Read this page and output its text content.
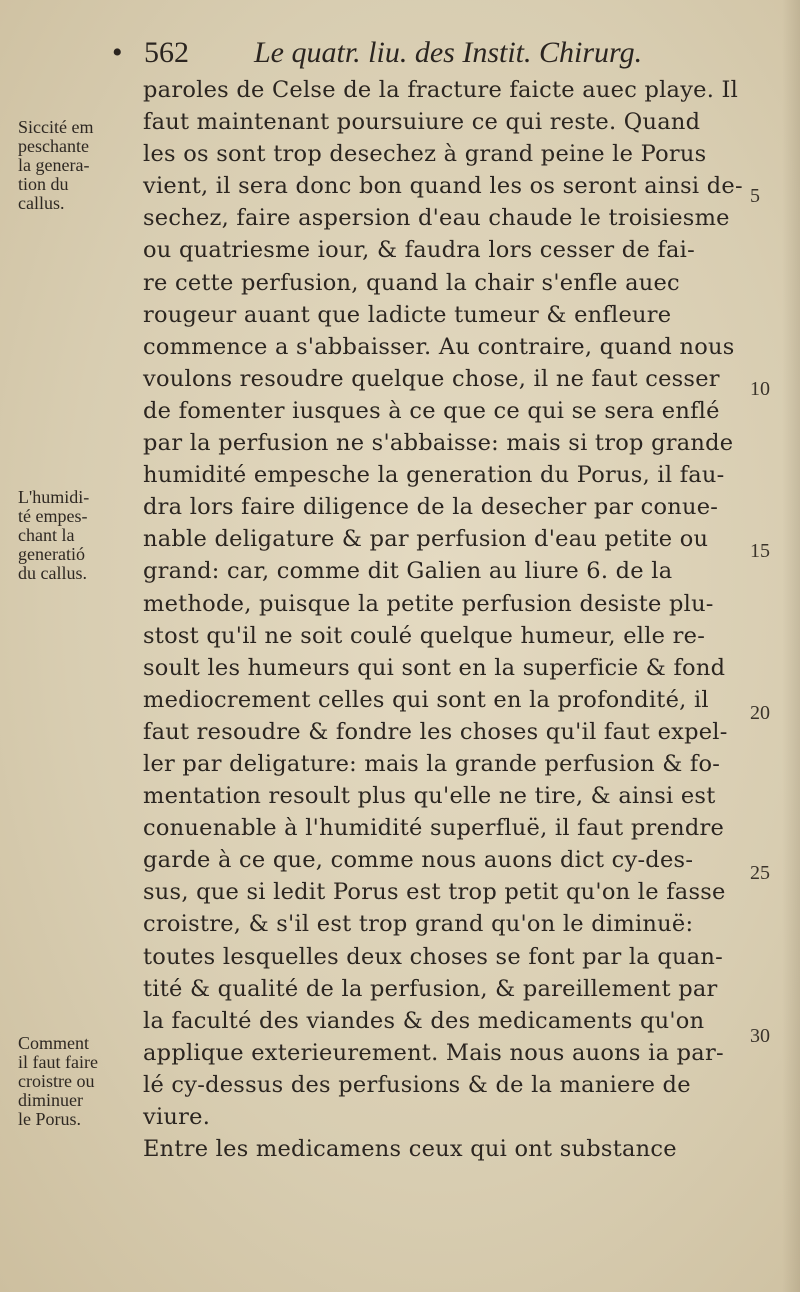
• 562 Le quatr. liu. des Instit. Chirurg.
paroles de Celse de la fracture faicte auec playe. Il
faut maintenant poursuiure ce qui reste. Quand
les os sont trop desechez à grand peine le Porus
vient, il sera donc bon quand les os seront ainsi de-
sechez, faire aspersion d'eau chaude le troisiesme
ou quatriesme iour, & faudra lors cesser de fai-
re cette perfusion, quand la chair s'enfle auec
rougeur auant que ladicte tumeur & enfleure
commence a s'abbaisser. Au contraire, quand nous
voulons resoudre quelque chose, il ne faut cesser
de fomenter iusques à ce que ce qui se sera enflé
par la perfusion ne s'abbaisse: mais si trop grande
humidité empesche la generation du Porus, il fau-
dra lors faire diligence de la desecher par conue-
nable deligature & par perfusion d'eau petite ou
grand: car, comme dit Galien au liure 6. de la
methode, puisque la petite perfusion desiste plu-
stost qu'il ne soit coulé quelque humeur, elle re-
soult les humeurs qui sont en la superficie & fond
mediocrement celles qui sont en la profondité, il
faut resoudre & fondre les choses qu'il faut expel-
ler par deligature: mais la grande perfusion & fo-
mentation resoult plus qu'elle ne tire, & ainsi est
conuenable à l'humidité superfluë, il faut prendre
garde à ce que, comme nous auons dict cy-des-
sus, que si ledit Porus est trop petit qu'on le fasse
croistre, & s'il est trop grand qu'on le diminuë:
toutes lesquelles deux choses se font par la quan-
tité & qualité de la perfusion, & pareillement par
la faculté des viandes & des medicaments qu'on
applique exterieurement. Mais nous auons ia par-
lé cy-dessus des perfusions & de la maniere de
viure.
Entre les medicamens ceux qui ont substance
Siccité em
peschante
la genera-
tion du
callus.
L'humidi-
té empes-
chant la
generatió
du callus.
Comment
il faut faire
croistre ou
diminuer
le Porus.
5
10
15
20
25
30
